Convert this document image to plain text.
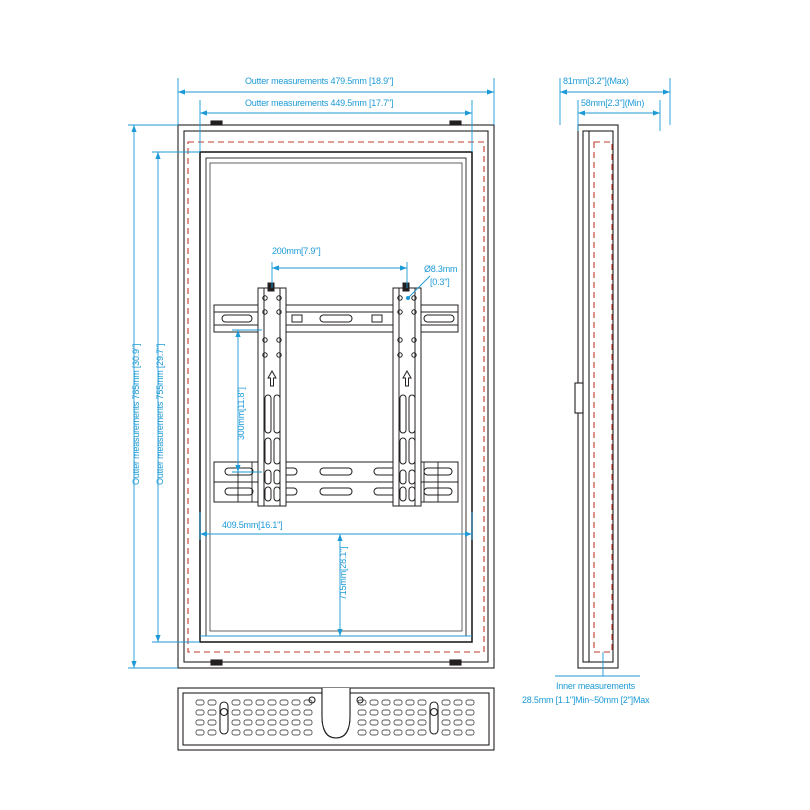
Outter measurements 479.5mm [18.9"]
Outter measurements 449.5mm [17.7"]
Outter measurements 785mm [30.9"] Outter measurements 755mm [29.7"]
200mm[7.9"]
Ø8.3mm
[0.3"]
300mm[11.8"]
409.5mm[16.1"]
715mm[28.1"]
81mm[3.2"](Max)
58mm[2.3"](Min)
Inner measurements
28.5mm [1.1"]Min~50mm [2"]Max
